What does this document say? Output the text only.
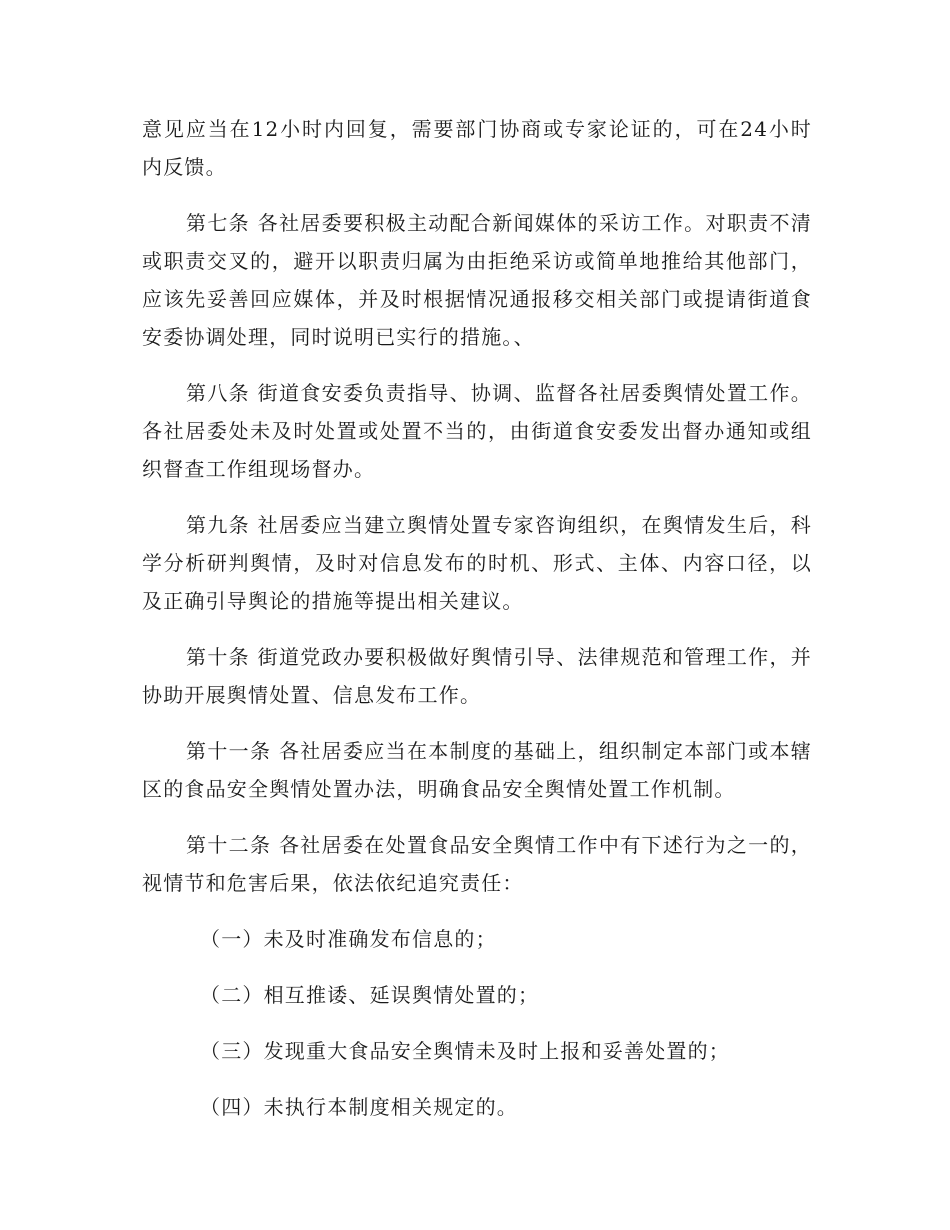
意见应当在12小时内回复，需要部门协商或专家论证的，可在24小时内反馈。

第七条 各社居委要积极主动配合新闻媒体的采访工作。对职责不清或职责交叉的，避开以职责归属为由拒绝采访或简单地推给其他部门，应该先妥善回应媒体，并及时根据情况通报移交相关部门或提请街道食安委协调处理，同时说明已实行的措施。、

第八条 街道食安委负责指导、协调、监督各社居委舆情处置工作。各社居委处未及时处置或处置不当的，由街道食安委发出督办通知或组织督查工作组现场督办。

第九条 社居委应当建立舆情处置专家咨询组织，在舆情发生后，科学分析研判舆情，及时对信息发布的时机、形式、主体、内容口径，以及正确引导舆论的措施等提出相关建议。

第十条 街道党政办要积极做好舆情引导、法律规范和管理工作，并协助开展舆情处置、信息发布工作。

第十一条 各社居委应当在本制度的基础上，组织制定本部门或本辖区的食品安全舆情处置办法，明确食品安全舆情处置工作机制。

第十二条 各社居委在处置食品安全舆情工作中有下述行为之一的，视情节和危害后果，依法依纪追究责任：

（一）未及时准确发布信息的；

（二）相互推诿、延误舆情处置的；

（三）发现重大食品安全舆情未及时上报和妥善处置的；

（四）未执行本制度相关规定的。
